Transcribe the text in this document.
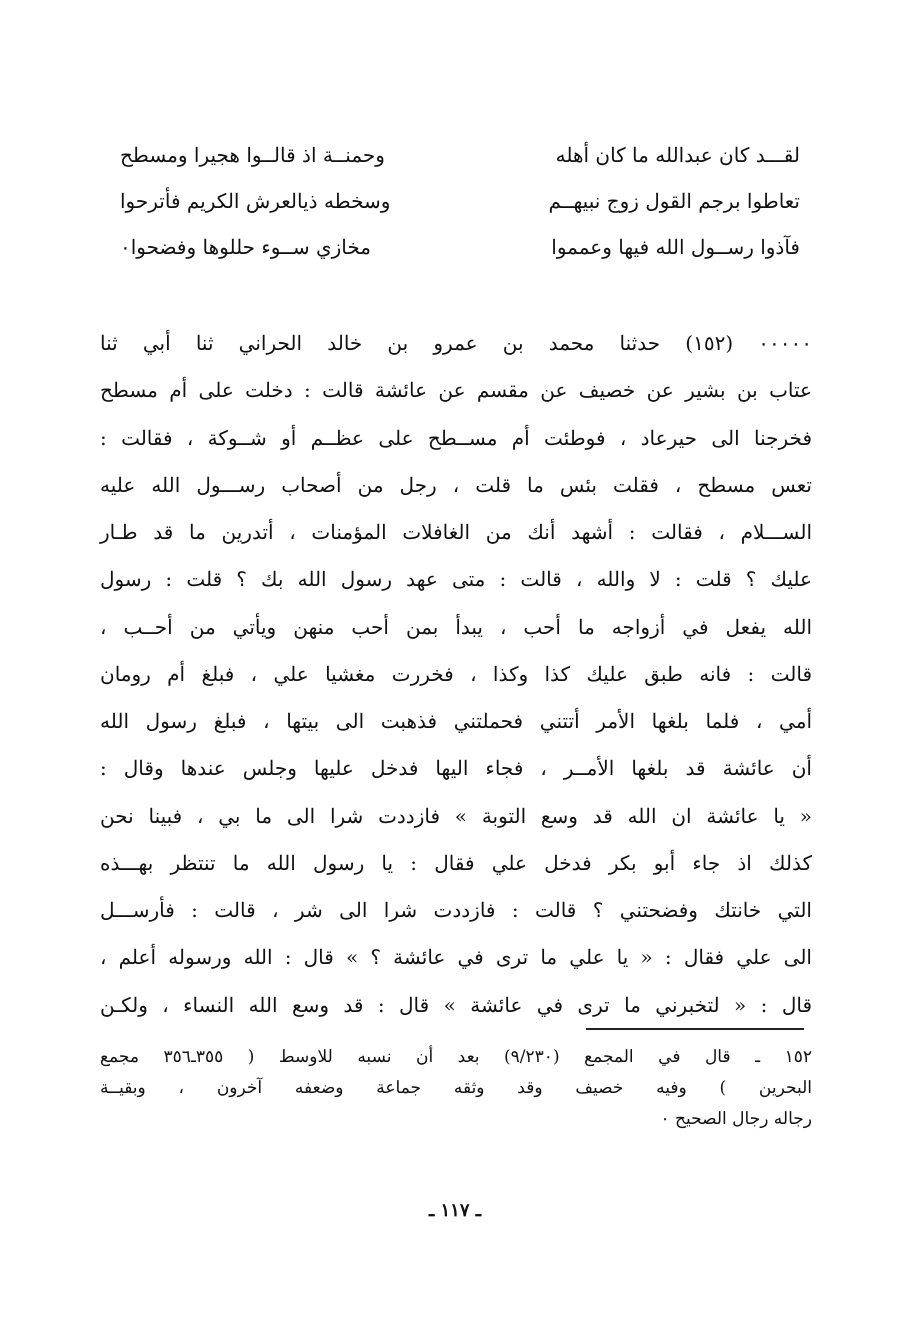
لقـــد كان عبدالله ما كان أهله
وحمنــة اذ قالــوا هجيرا ومسطح
تعاطوا برجم القول زوج نبيهــم
وسخطه ذيالعرش الكريم فأترحوا
فآذوا رســول الله فيها وعمموا
مخازي ســوء حللوها وفضحوا٠
٠٠٠٠٠ (١٥٢) حدثنا محمد بن عمرو بن خالد الحراني ثنا أبي ثنا
عتاب بن بشير عن خصيف عن مقسم عن عائشة قالت : دخلت على أم مسطح
فخرجنا الى حيرعاد ، فوطئت أم مســطح على عظــم أو شــوكة ، فقالت :
تعس مسطح ، فقلت بئس ما قلت ، رجل من أصحاب رســـول الله عليه
الســـلام ، فقالت : أشهد أنك من الغافلات المؤمنات ، أتدرين ما قد طـار
عليك ؟ قلت : لا والله ، قالت : متى عهد رسول الله بك ؟ قلت : رسول
الله يفعل في أزواجه ما أحب ، يبدأ بمن أحب منهن ويأتي من أحــب ،
قالت : فانه طبق عليك كذا وكذا ، فخررت مغشيا علي ، فبلغ أم رومان
أمي ، فلما بلغها الأمر أتتني فحملتني فذهبت الى بيتها ، فبلغ رسول الله
أن عائشة قد بلغها الأمــر ، فجاء اليها فدخل عليها وجلس عندها وقال :
« يا عائشة ان الله قد وسع التوبة » فازددت شرا الى ما بي ، فبينا نحن
كذلك اذ جاء أبو بكر فدخل علي فقال : يا رسول الله ما تنتظر بهـــذه
التي خانتك وفضحتني ؟ قالت : فازددت شرا الى شر ، قالت : فأرســـل
الى علي فقال : « يا علي ما ترى في عائشة ؟ » قال : الله ورسوله أعلم ،
قال : « لتخبرني ما ترى في عائشة » قال : قد وسع الله النساء ، ولكـن
١٥٢ ـ قال في المجمع (٩/٢٣٠) بعد أن نسبه للاوسط ( ٣٥٥ـ٣٥٦ مجمع
البحرين ) وفيه خصيف وقد وثقه جماعة وضعفه آخرون ، وبقيــة
رجاله رجال الصحيح ٠
ـ ١١٧ ـ
